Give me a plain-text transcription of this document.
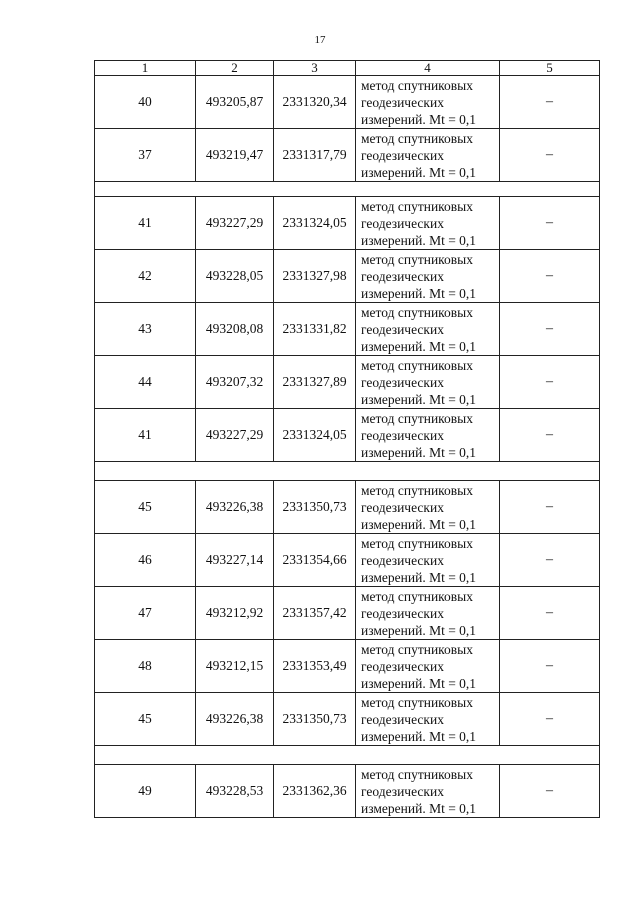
17
1	2	3	4	5
40	493205,87	2331320,34	метод спутниковых
геодезических
измерений. Mt = 0,1	–
37	493219,47	2331317,79	метод спутниковых
геодезических
измерений. Mt = 0,1	–

41	493227,29	2331324,05	метод спутниковых
геодезических
измерений. Mt = 0,1	–
42	493228,05	2331327,98	метод спутниковых
геодезических
измерений. Mt = 0,1	–
43	493208,08	2331331,82	метод спутниковых
геодезических
измерений. Mt = 0,1	–
44	493207,32	2331327,89	метод спутниковых
геодезических
измерений. Mt = 0,1	–
41	493227,29	2331324,05	метод спутниковых
геодезических
измерений. Mt = 0,1	–

45	493226,38	2331350,73	метод спутниковых
геодезических
измерений. Mt = 0,1	–
46	493227,14	2331354,66	метод спутниковых
геодезических
измерений. Mt = 0,1	–
47	493212,92	2331357,42	метод спутниковых
геодезических
измерений. Mt = 0,1	–
48	493212,15	2331353,49	метод спутниковых
геодезических
измерений. Mt = 0,1	–
45	493226,38	2331350,73	метод спутниковых
геодезических
измерений. Mt = 0,1	–

49	493228,53	2331362,36	метод спутниковых
геодезических
измерений. Mt = 0,1	–
